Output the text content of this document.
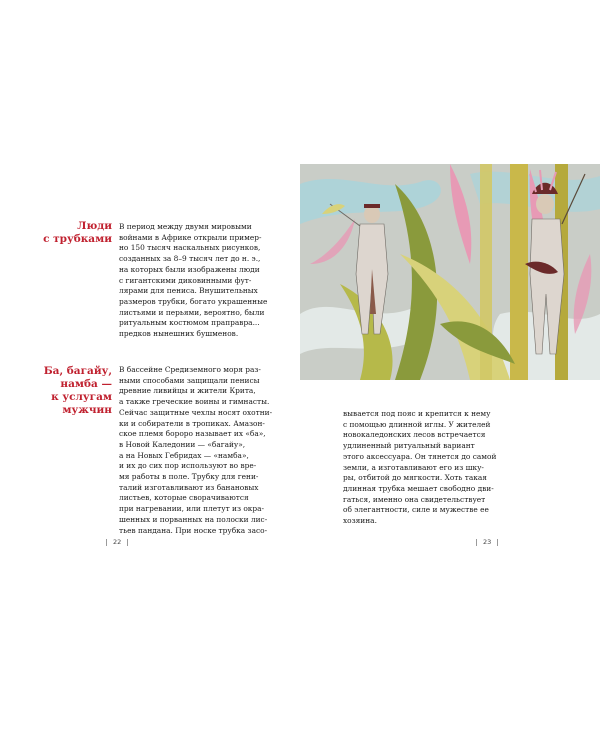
Люди
с трубками
В период между двумя мировыми
войнами в Африке открыли пример-
но 150 тысяч наскальных рисунков,
созданных за 8–9 тысяч лет до н. э.,
на которых были изображены люди
с гигантскими диковинными фут-
лярами для пениса. Внушительных
размеров трубки, богато украшенные
листьями и перьями, вероятно, были
ритуальным костюмом праправра...
предков нынешних бушменов.
Ба, багайу,
намба —
к услугам
мужчин
В бассейне Средиземного моря раз-
ными способами защищали пенисы
древние ливийцы и жители Крита,
а также греческие воины и гимнасты.
Сейчас защитные чехлы носят охотни-
ки и собиратели в тропиках. Амазон-
ское племя бороро называет их «ба»,
в Новой Каледонии — «багайу»,
а на Новых Гебридах — «намба»,
и их до сих пор используют во вре-
мя работы в поле. Трубку для гени-
талий изготавливают из банановых
листьев, которые сворачиваются
при нагревании, или плетут из окра-
шенных и порванных на полоски лис-
тьев пандана. При носке трубка засо-
22
вывается под пояс и крепится к нему
с помощью длинной иглы. У жителей
новокаледонских лесов встречается
удлиненный ритуальный вариант
этого аксессуара. Он тянется до самой
земли, а изготавливают его из шку-
ры, отбитой до мягкости. Хоть такая
длинная трубка мешает свободно дви-
гаться, именно она свидетельствует
об элегантности, силе и мужестве ее
хозяина.
23
